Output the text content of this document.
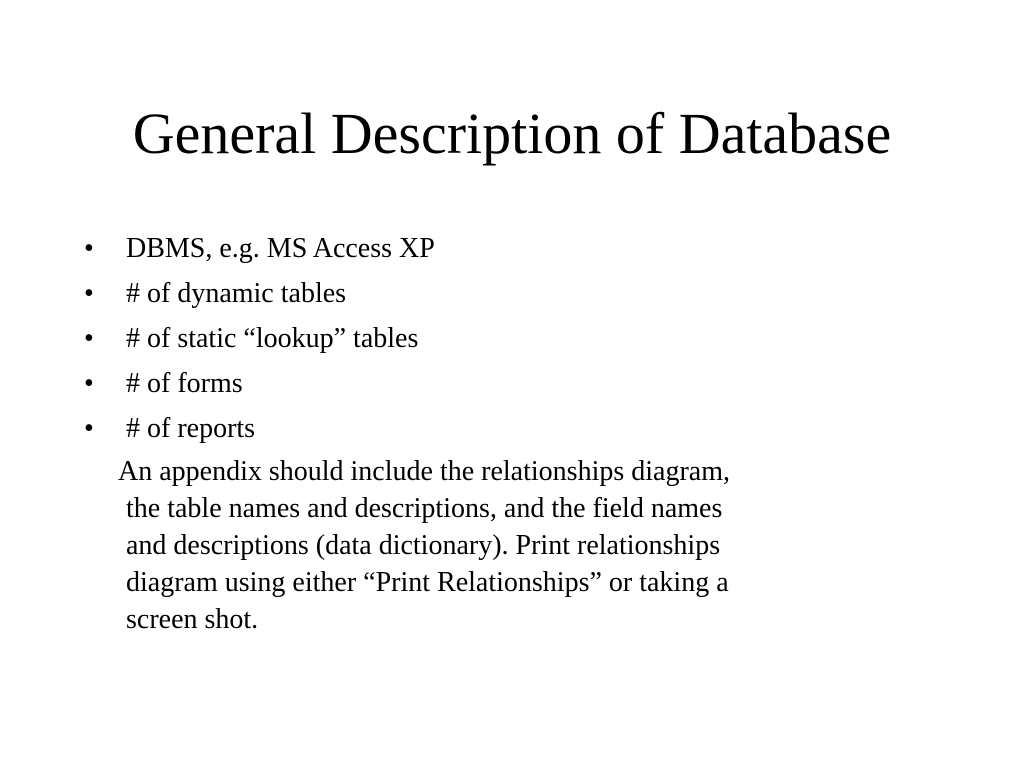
General Description of Database
• DBMS, e.g. MS Access XP
• # of dynamic tables
• # of static “lookup” tables
• # of forms
• # of reports

An appendix should include the relationships diagram,
the table names and descriptions, and the field names
and descriptions (data dictionary). Print relationships
diagram using either “Print Relationships” or taking a
screen shot.
